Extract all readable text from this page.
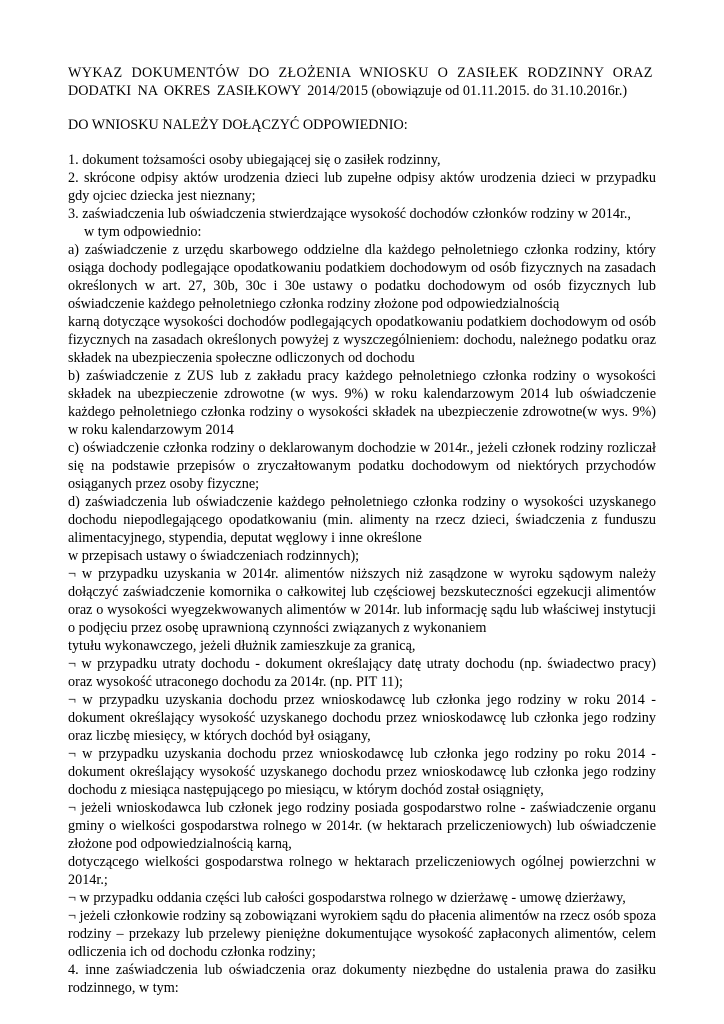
WYKAZ DOKUMENTÓW DO ZŁOŻENIA WNIOSKU O ZASIŁEK RODZINNY ORAZ
DODATKI NA OKRES ZASIŁKOWY 2014/2015 (obowiązuje od 01.11.2015. do 31.10.2016r.)
DO WNIOSKU NALEŻY DOŁĄCZYĆ ODPOWIEDNIO:

1. dokument tożsamości osoby ubiegającej się o zasiłek rodzinny,

2. skrócone odpisy aktów urodzenia dzieci lub zupełne odpisy aktów urodzenia dzieci w przypadku gdy ojciec dziecka jest nieznany;

3. zaświadczenia lub oświadczenia stwierdzające wysokość dochodów członków rodziny w 2014r.,

w tym odpowiednio:

a) zaświadczenie z urzędu skarbowego oddzielne dla każdego pełnoletniego członka rodziny, który osiąga dochody podlegające opodatkowaniu podatkiem dochodowym od osób fizycznych na zasadach określonych w art. 27, 30b, 30c i 30e ustawy o podatku dochodowym od osób fizycznych lub oświadczenie każdego pełnoletniego członka rodziny złożone pod odpowiedzialnością

karną dotyczące wysokości dochodów podlegających opodatkowaniu podatkiem dochodowym od osób fizycznych na zasadach określonych powyżej z wyszczególnieniem: dochodu, należnego podatku oraz składek na ubezpieczenia społeczne odliczonych od dochodu

b) zaświadczenie z ZUS lub z zakładu pracy każdego pełnoletniego członka rodziny o wysokości składek na ubezpieczenie zdrowotne (w wys. 9%) w roku kalendarzowym 2014 lub oświadczenie każdego pełnoletniego członka rodziny o wysokości składek na ubezpieczenie zdrowotne(w wys. 9%) w roku kalendarzowym 2014

c) oświadczenie członka rodziny o deklarowanym dochodzie w 2014r., jeżeli członek rodziny rozliczał się na podstawie przepisów o zryczałtowanym podatku dochodowym od niektórych przychodów osiąganych przez osoby fizyczne;

d) zaświadczenia lub oświadczenie każdego pełnoletniego członka rodziny o wysokości uzyskanego dochodu niepodlegającego opodatkowaniu (min. alimenty na rzecz dzieci, świadczenia z funduszu alimentacyjnego, stypendia, deputat węglowy i inne określone

w przepisach ustawy o świadczeniach rodzinnych);

¬ w przypadku uzyskania w 2014r. alimentów niższych niż zasądzone w wyroku sądowym należy dołączyć zaświadczenie komornika o całkowitej lub częściowej bezskuteczności egzekucji alimentów oraz o wysokości wyegzekwowanych alimentów w 2014r. lub informację sądu lub właściwej instytucji o podjęciu przez osobę uprawnioną czynności związanych z wykonaniem

tytułu wykonawczego, jeżeli dłużnik zamieszkuje za granicą,

¬ w przypadku utraty dochodu - dokument określający datę utraty dochodu (np. świadectwo pracy) oraz wysokość utraconego dochodu za 2014r. (np. PIT 11);

¬ w przypadku uzyskania dochodu przez wnioskodawcę lub członka jego rodziny w roku 2014 - dokument określający wysokość uzyskanego dochodu przez wnioskodawcę lub członka jego rodziny oraz liczbę miesięcy, w których dochód był osiągany,

¬ w przypadku uzyskania dochodu przez wnioskodawcę lub członka jego rodziny po roku 2014 - dokument określający wysokość uzyskanego dochodu przez wnioskodawcę lub członka jego rodziny dochodu z miesiąca następującego po miesiącu, w którym dochód został osiągnięty,

¬ jeżeli wnioskodawca lub członek jego rodziny posiada gospodarstwo rolne - zaświadczenie organu gminy o wielkości gospodarstwa rolnego w 2014r. (w hektarach przeliczeniowych) lub oświadczenie złożone pod odpowiedzialnością karną,

dotyczącego wielkości gospodarstwa rolnego w hektarach przeliczeniowych ogólnej powierzchni w 2014r.;

¬ w przypadku oddania części lub całości gospodarstwa rolnego w dzierżawę - umowę dzierżawy,

¬ jeżeli członkowie rodziny są zobowiązani wyrokiem sądu do płacenia alimentów na rzecz osób spoza rodziny – przekazy lub przelewy pieniężne dokumentujące wysokość zapłaconych alimentów, celem odliczenia ich od dochodu członka rodziny;

4. inne zaświadczenia lub oświadczenia oraz dokumenty niezbędne do ustalenia prawa do zasiłku rodzinnego, w tym:
